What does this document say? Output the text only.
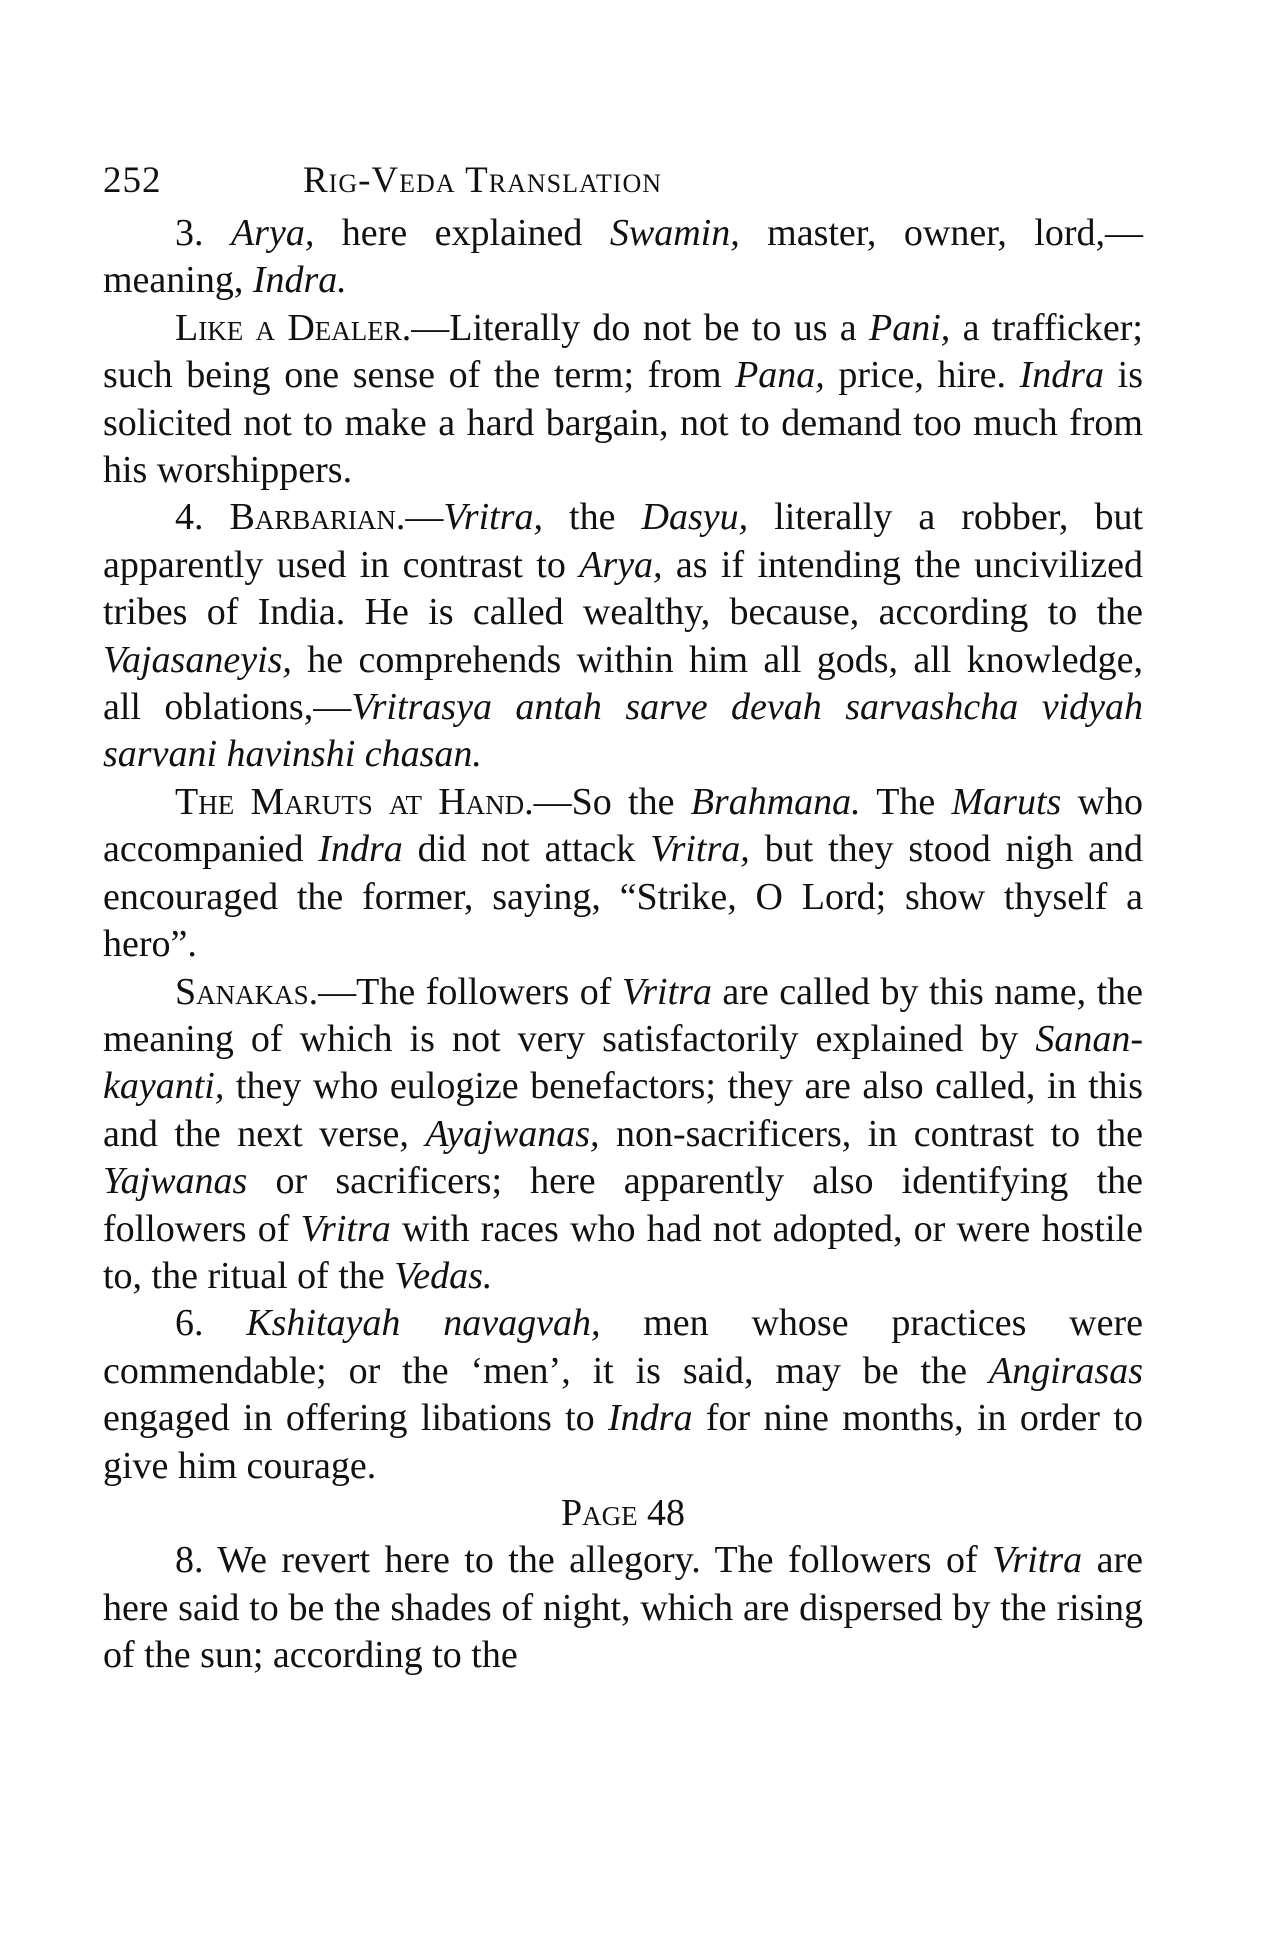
252	Rig-Veda Translation

3. Arya, here explained Swamin, master, owner, lord,—meaning, Indra.

Like a Dealer.—Literally do not be to us a Pani, a trafficker; such being one sense of the term; from Pana, price, hire. Indra is solicited not to make a hard bargain, not to demand too much from his worshippers.

4. Barbarian.—Vritra, the Dasyu, literally a robber, but apparently used in contrast to Arya, as if intending the uncivilized tribes of India. He is called wealthy, because, according to the Vajasaneyis, he comprehends within him all gods, all knowledge, all oblations,—Vritrasya antah sarve devah sarvashcha vidyah sarvani havinshi chasan.

The Maruts at Hand.—So the Brahmana. The Maruts who accompanied Indra did not attack Vritra, but they stood nigh and encouraged the former, saying, “Strike, O Lord; show thyself a hero”.

Sanakas.—The followers of Vritra are called by this name, the meaning of which is not very satisfactorily explained by Sanan-kayanti, they who eulogize benefactors; they are also called, in this and the next verse, Ayajwanas, non-sacrificers, in contrast to the Yajwanas or sacrificers; here apparently also identifying the followers of Vritra with races who had not adopted, or were hostile to, the ritual of the Vedas.

6. Kshitayah navagvah, men whose practices were commendable; or the ‘men’, it is said, may be the Angirasas engaged in offering libations to Indra for nine months, in order to give him courage.

Page 48

8. We revert here to the allegory. The followers of Vritra are here said to be the shades of night, which are dispersed by the rising of the sun; according to the
